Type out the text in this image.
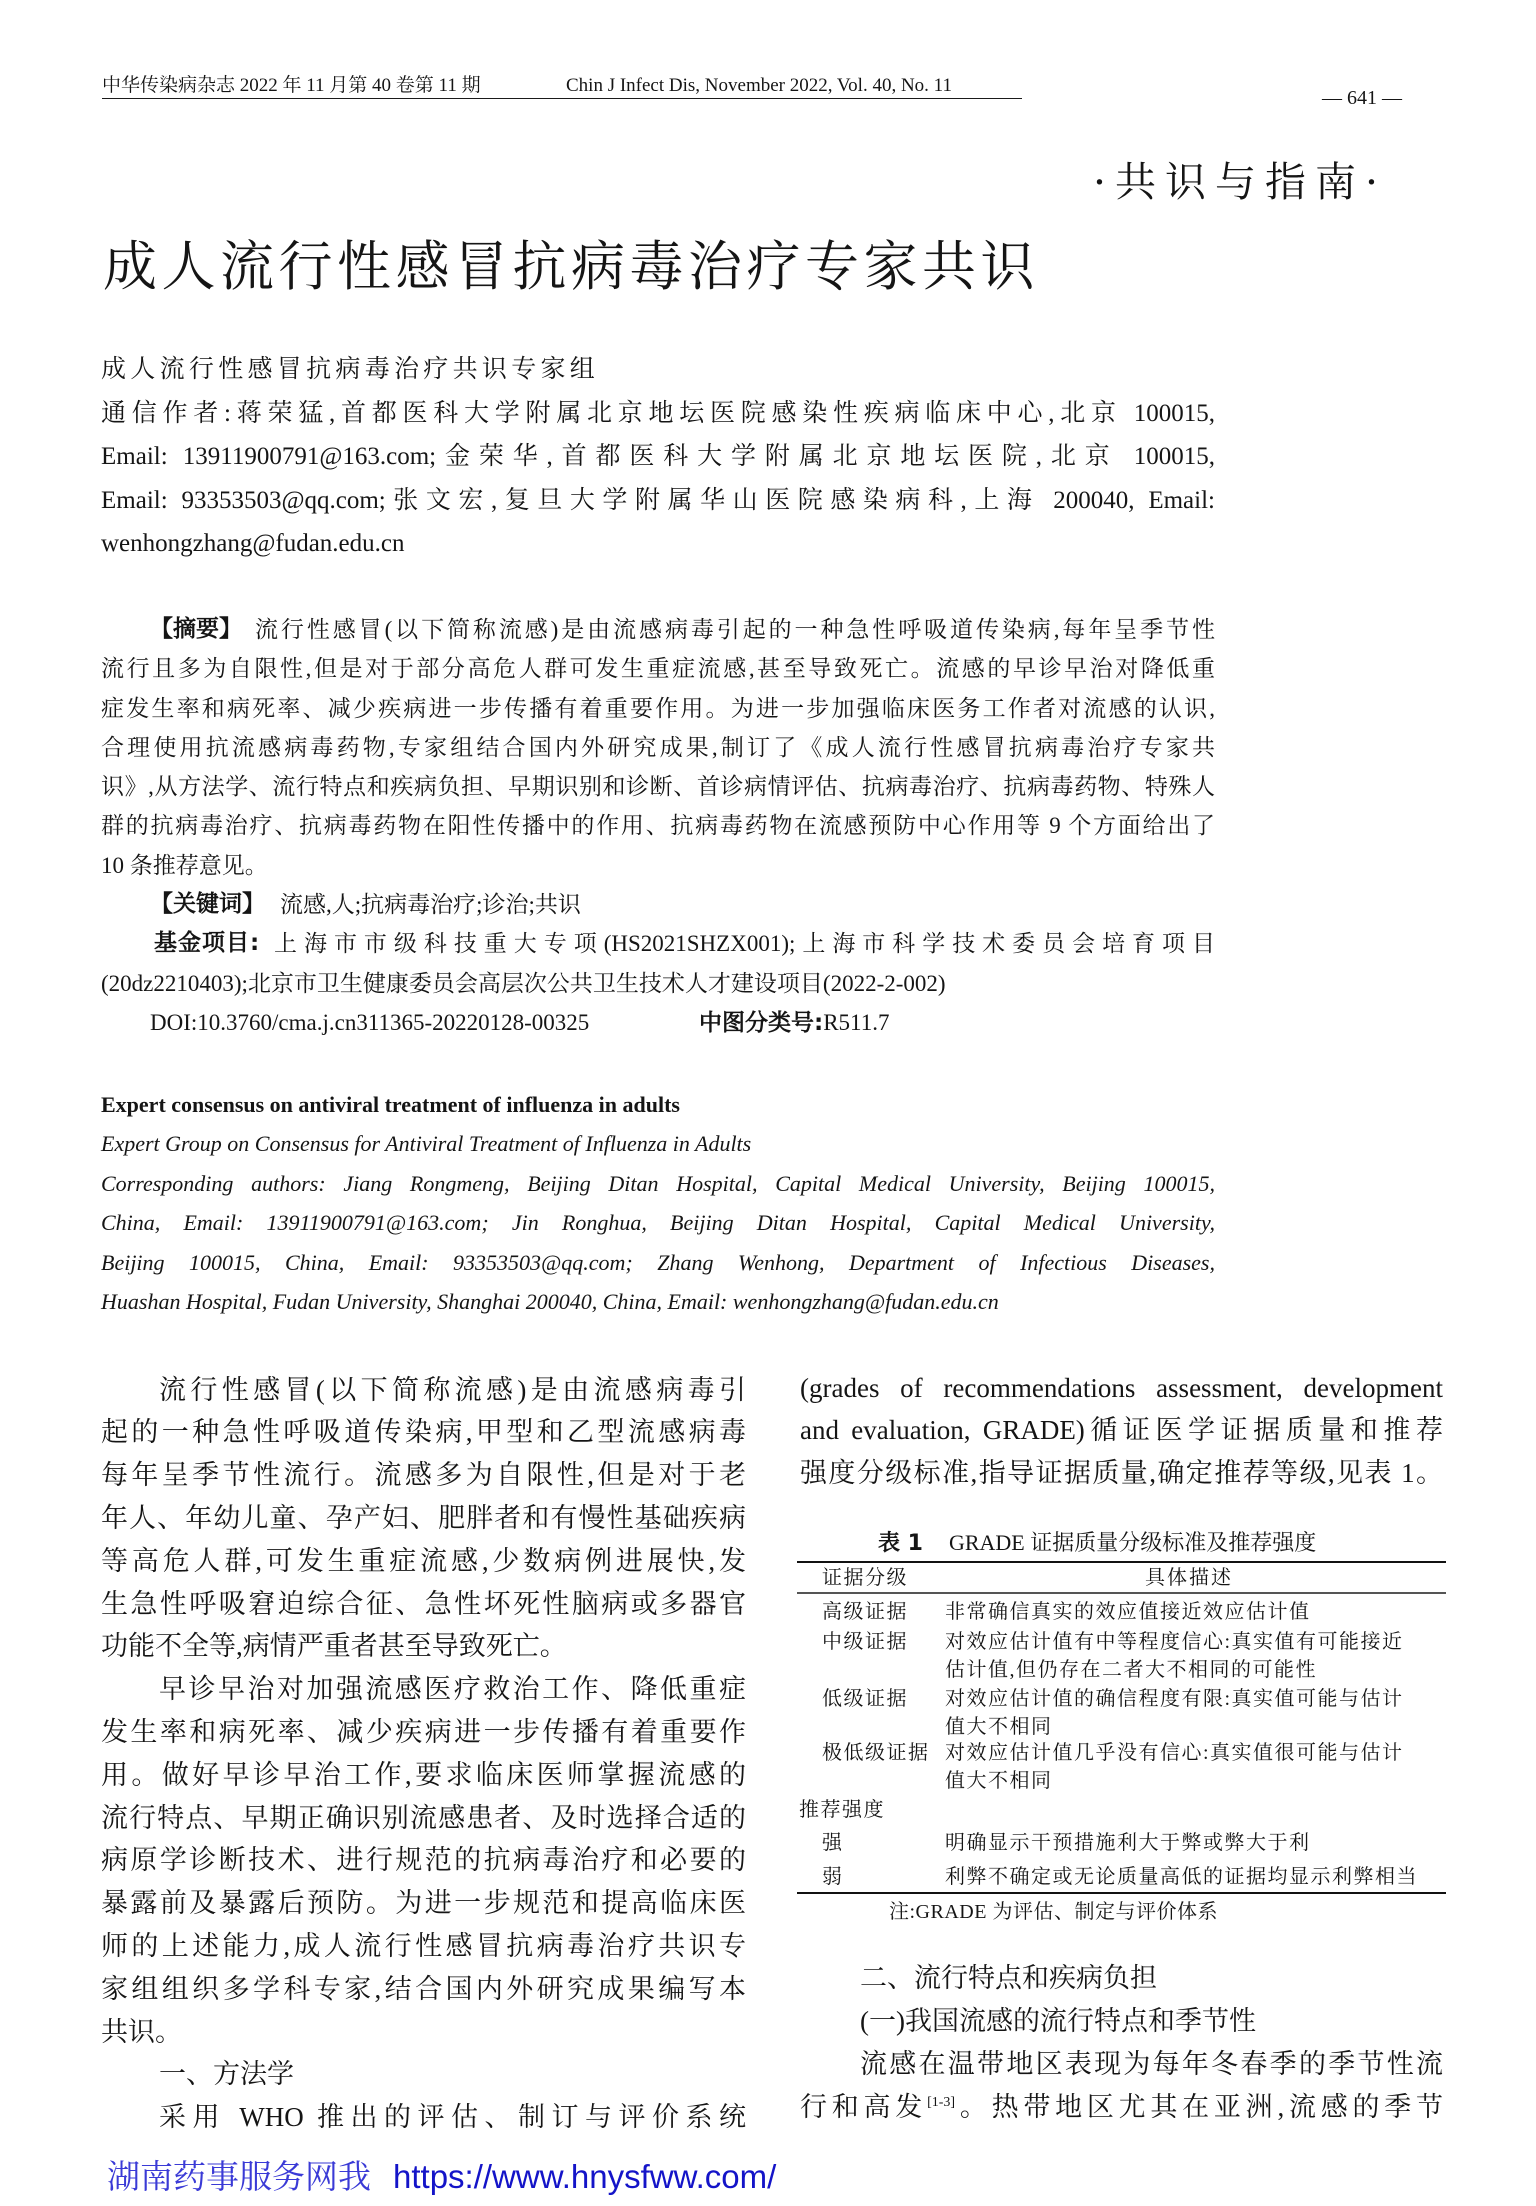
中华传染病杂志 2022 年 11 月第 40 卷第 11 期	Chin J Infect Dis, November 2022, Vol. 40, No. 11
— 641 —
·共识与指南·
成人流行性感冒抗病毒治疗专家共识
成人流行性感冒抗病毒治疗共识专家组
通信作者:蒋荣猛,首都医科大学附属北京地坛医院感染性疾病临床中心,北京 100015,
Email: 13911900791@163.com;金荣华,首都医科大学附属北京地坛医院,北京 100015,
Email: 93353503@qq.com;张文宏,复旦大学附属华山医院感染病科,上海 200040, Email:
wenhongzhang@fudan.edu.cn
【摘要】 流行性感冒(以下简称流感)是由流感病毒引起的一种急性呼吸道传染病,每年呈季节性
流行且多为自限性,但是对于部分高危人群可发生重症流感,甚至导致死亡。流感的早诊早治对降低重
症发生率和病死率、减少疾病进一步传播有着重要作用。为进一步加强临床医务工作者对流感的认识,
合理使用抗流感病毒药物,专家组结合国内外研究成果,制订了《成人流行性感冒抗病毒治疗专家共
识》,从方法学、流行特点和疾病负担、早期识别和诊断、首诊病情评估、抗病毒治疗、抗病毒药物、特殊人
群的抗病毒治疗、抗病毒药物在阳性传播中的作用、抗病毒药物在流感预防中心作用等 9 个方面给出了
10 条推荐意见。
【关键词】 流感,人;抗病毒治疗;诊治;共识
基金项目: 上海市市级科技重大专项(HS2021SHZX001);上海市科学技术委员会培育项目
(20dz2210403);北京市卫生健康委员会高层次公共卫生技术人才建设项目(2022-2-002)
DOI:10.3760/cma.j.cn311365-20220128-00325	中图分类号:R511.7
Expert consensus on antiviral treatment of influenza in adults
Expert Group on Consensus for Antiviral Treatment of Influenza in Adults
Corresponding authors: Jiang Rongmeng, Beijing Ditan Hospital, Capital Medical University, Beijing 100015,
China, Email: 13911900791@163.com; Jin Ronghua, Beijing Ditan Hospital, Capital Medical University,
Beijing 100015, China, Email: 93353503@qq.com; Zhang Wenhong, Department of Infectious Diseases,
Huashan Hospital, Fudan University, Shanghai 200040, China, Email: wenhongzhang@fudan.edu.cn
流行性感冒(以下简称流感)是由流感病毒引
起的一种急性呼吸道传染病,甲型和乙型流感病毒
每年呈季节性流行。流感多为自限性,但是对于老
年人、年幼儿童、孕产妇、肥胖者和有慢性基础疾病
等高危人群,可发生重症流感,少数病例进展快,发
生急性呼吸窘迫综合征、急性坏死性脑病或多器官
功能不全等,病情严重者甚至导致死亡。
早诊早治对加强流感医疗救治工作、降低重症
发生率和病死率、减少疾病进一步传播有着重要作
用。做好早诊早治工作,要求临床医师掌握流感的
流行特点、早期正确识别流感患者、及时选择合适的
病原学诊断技术、进行规范的抗病毒治疗和必要的
暴露前及暴露后预防。为进一步规范和提高临床医
师的上述能力,成人流行性感冒抗病毒治疗共识专
家组组织多学科专家,结合国内外研究成果编写本
共识。
一、方法学
采用 WHO 推出的评估、制订与评价系统
(grades of recommendations assessment, development
and evaluation, GRADE)循证医学证据质量和推荐
强度分级标准,指导证据质量,确定推荐等级,见表 1。
表 1 GRADE 证据质量分级标准及推荐强度
证据分级	具体描述
高级证据 非常确信真实的效应值接近效应估计值
中级证据 对效应估计值有中等程度信心:真实值有可能接近
估计值,但仍存在二者大不相同的可能性
低级证据 对效应估计值的确信程度有限:真实值可能与估计
值大不相同
极低级证据 对效应估计值几乎没有信心:真实值很可能与估计
值大不相同
推荐强度
强	明确显示干预措施利大于弊或弊大于利
弱	利弊不确定或无论质量高低的证据均显示利弊相当
注:GRADE 为评估、制定与评价体系
二、流行特点和疾病负担
(一)我国流感的流行特点和季节性
流感在温带地区表现为每年冬春季的季节性流
行和高发[1-3]。热带地区尤其在亚洲,流感的季节
湖南药事服务网我 https://www.hnysfww.com/
